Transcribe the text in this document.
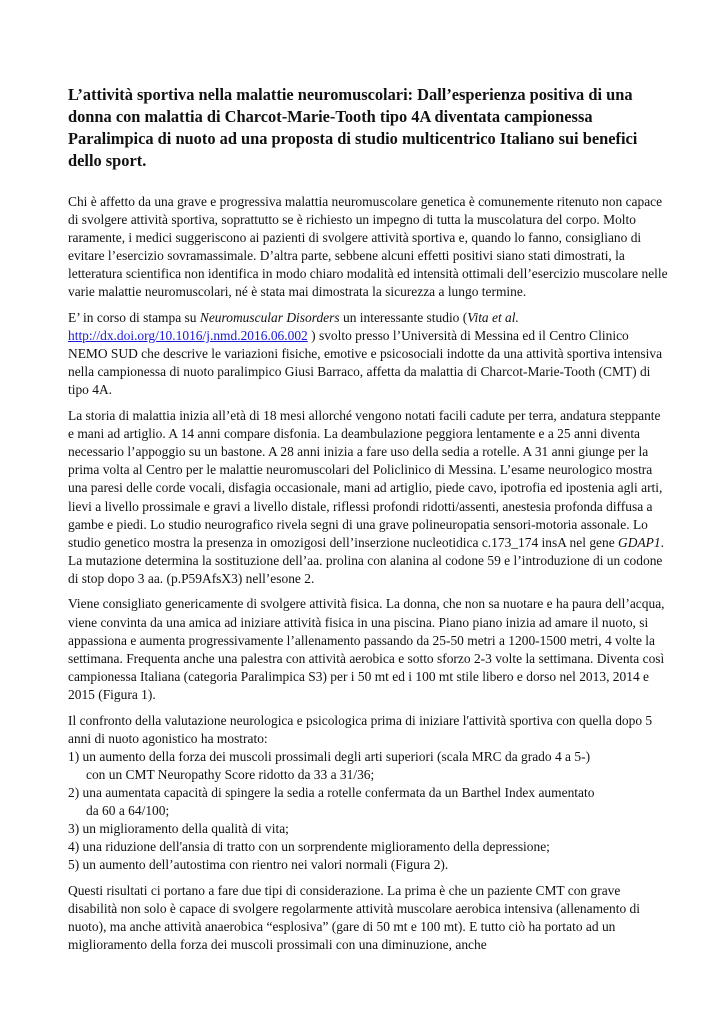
L’attività sportiva nella malattie neuromuscolari: Dall’esperienza positiva di una donna con malattia di Charcot-Marie-Tooth tipo 4A diventata campionessa Paralimpica di nuoto ad una proposta di studio multicentrico Italiano sui benefici dello sport.

Chi è affetto da una grave e progressiva malattia neuromuscolare genetica è comunemente ritenuto non capace di svolgere attività sportiva, soprattutto se è richiesto un impegno di tutta la muscolatura del corpo. Molto raramente, i medici suggeriscono ai pazienti di svolgere attività sportiva e, quando lo fanno, consigliano di evitare l’esercizio sovramassimale. D’altra parte, sebbene alcuni effetti positivi siano stati dimostrati, la letteratura scientifica non identifica in modo chiaro modalità ed intensità ottimali dell’esercizio muscolare nelle varie malattie neuromuscolari, né è stata mai dimostrata la sicurezza a lungo termine.

E’ in corso di stampa su Neuromuscular Disorders un interessante studio (Vita et al.
http://dx.doi.org/10.1016/j.nmd.2016.06.002 ) svolto presso l’Università di Messina ed il Centro Clinico NEMO SUD che descrive le variazioni fisiche, emotive e psicosociali indotte da una attività sportiva intensiva nella campionessa di nuoto paralimpico Giusi Barraco, affetta da malattia di Charcot-Marie-Tooth (CMT) di tipo 4A.

La storia di malattia inizia all’età di 18 mesi allorché vengono notati facili cadute per terra, andatura steppante e mani ad artiglio. A 14 anni compare disfonia. La deambulazione peggiora lentamente e a 25 anni diventa necessario l’appoggio su un bastone. A 28 anni inizia a fare uso della sedia a rotelle. A 31 anni giunge per la prima volta al Centro per le malattie neuromuscolari del Policlinico di Messina. L’esame neurologico mostra una paresi delle corde vocali, disfagia occasionale, mani ad artiglio, piede cavo, ipotrofia ed ipostenia agli arti, lievi a livello prossimale e gravi a livello distale, riflessi profondi ridotti/assenti, anestesia profonda diffusa a gambe e piedi. Lo studio neurografico rivela segni di una grave polineuropatia sensori-motoria assonale. Lo studio genetico mostra la presenza in omozigosi dell’inserzione nucleotidica c.173_174 insA nel gene GDAP1. La mutazione determina la sostituzione dell’aa. prolina con alanina al codone 59 e l’introduzione di un codone di stop dopo 3 aa. (p.P59AfsX3) nell’esone 2.

Viene consigliato genericamente di svolgere attività fisica. La donna, che non sa nuotare e ha paura dell’acqua, viene convinta da una amica ad iniziare attività fisica in una piscina. Piano piano inizia ad amare il nuoto, si appassiona e aumenta progressivamente l’allenamento passando da 25-50 metri a 1200-1500 metri, 4 volte la settimana. Frequenta anche una palestra con attività aerobica e sotto sforzo 2-3 volte la settimana. Diventa così campionessa Italiana (categoria Paralimpica S3) per i 50 mt ed i 100 mt stile libero e dorso nel 2013, 2014 e 2015 (Figura 1).

Il confronto della valutazione neurologica e psicologica prima di iniziare l'attività sportiva con quella dopo 5 anni di nuoto agonistico ha mostrato:

1) un aumento della forza dei muscoli prossimali degli arti superiori (scala MRC da grado 4 a 5-)
con un CMT Neuropathy Score ridotto da 33 a 31/36;
2) una aumentata capacità di spingere la sedia a rotelle confermata da un Barthel Index aumentato
da 60 a 64/100;
3) un miglioramento della qualità di vita;
4) una riduzione dell'ansia di tratto con un sorprendente miglioramento della depressione;
5) un aumento dell’autostima con rientro nei valori normali (Figura 2).

Questi risultati ci portano a fare due tipi di considerazione. La prima è che un paziente CMT con grave disabilità non solo è capace di svolgere regolarmente attività muscolare aerobica intensiva (allenamento di nuoto), ma anche attività anaerobica “esplosiva” (gare di 50 mt e 100 mt). E tutto ciò ha portato ad un miglioramento della forza dei muscoli prossimali con una diminuzione, anche
